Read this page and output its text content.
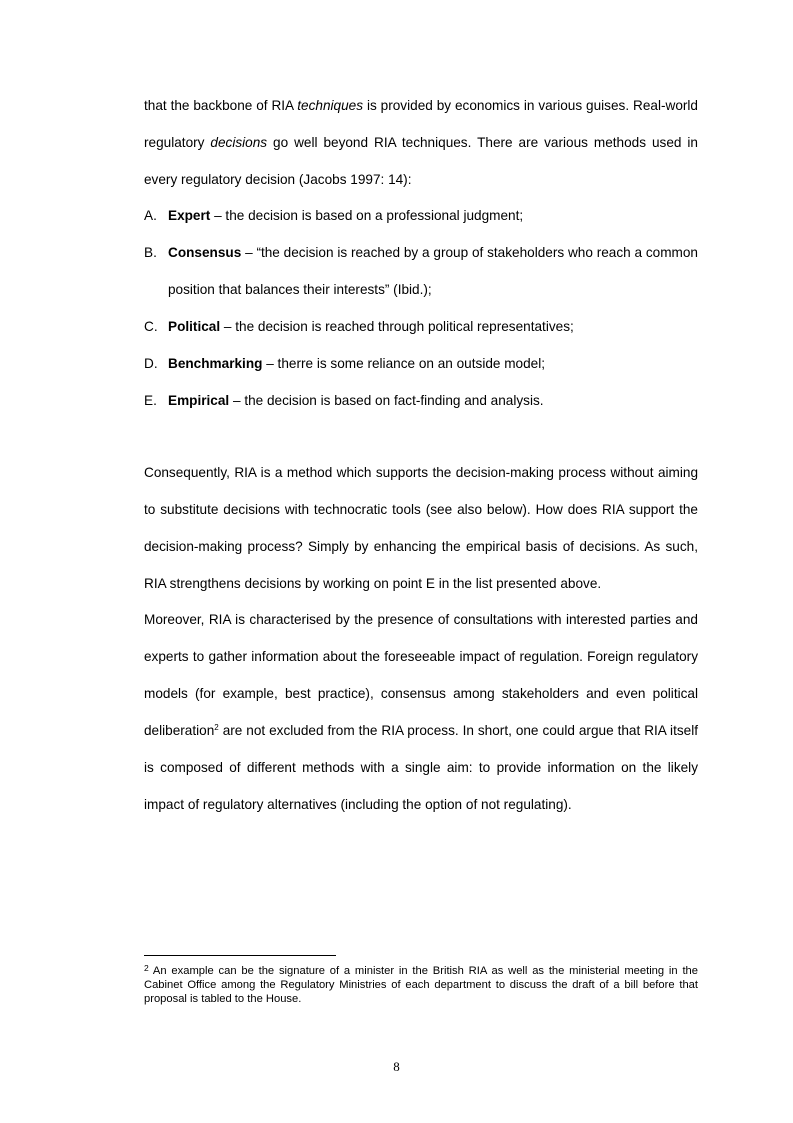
that the backbone of RIA techniques is provided by economics in various guises. Real-world regulatory decisions go well beyond RIA techniques. There are various methods used in every regulatory decision (Jacobs 1997: 14):

A. Expert – the decision is based on a professional judgment;
B. Consensus – “the decision is reached by a group of stakeholders who reach a common position that balances their interests” (Ibid.);
C. Political – the decision is reached through political representatives;
D. Benchmarking – therre is some reliance on an outside model;
E. Empirical – the decision is based on fact-finding and analysis.

Consequently, RIA is a method which supports the decision-making process without aiming to substitute decisions with technocratic tools (see also below). How does RIA support the decision-making process? Simply by enhancing the empirical basis of decisions. As such, RIA strengthens decisions by working on point E in the list presented above.

Moreover, RIA is characterised by the presence of consultations with interested parties and experts to gather information about the foreseeable impact of regulation. Foreign regulatory models (for example, best practice), consensus among stakeholders and even political deliberation$^2$ are not excluded from the RIA process. In short, one could argue that RIA itself is composed of different methods with a single aim: to provide information on the likely impact of regulatory alternatives (including the option of not regulating).

$^2$ An example can be the signature of a minister in the British RIA as well as the ministerial meeting in the Cabinet Office among the Regulatory Ministries of each department to discuss the draft of a bill before that proposal is tabled to the House.
8
